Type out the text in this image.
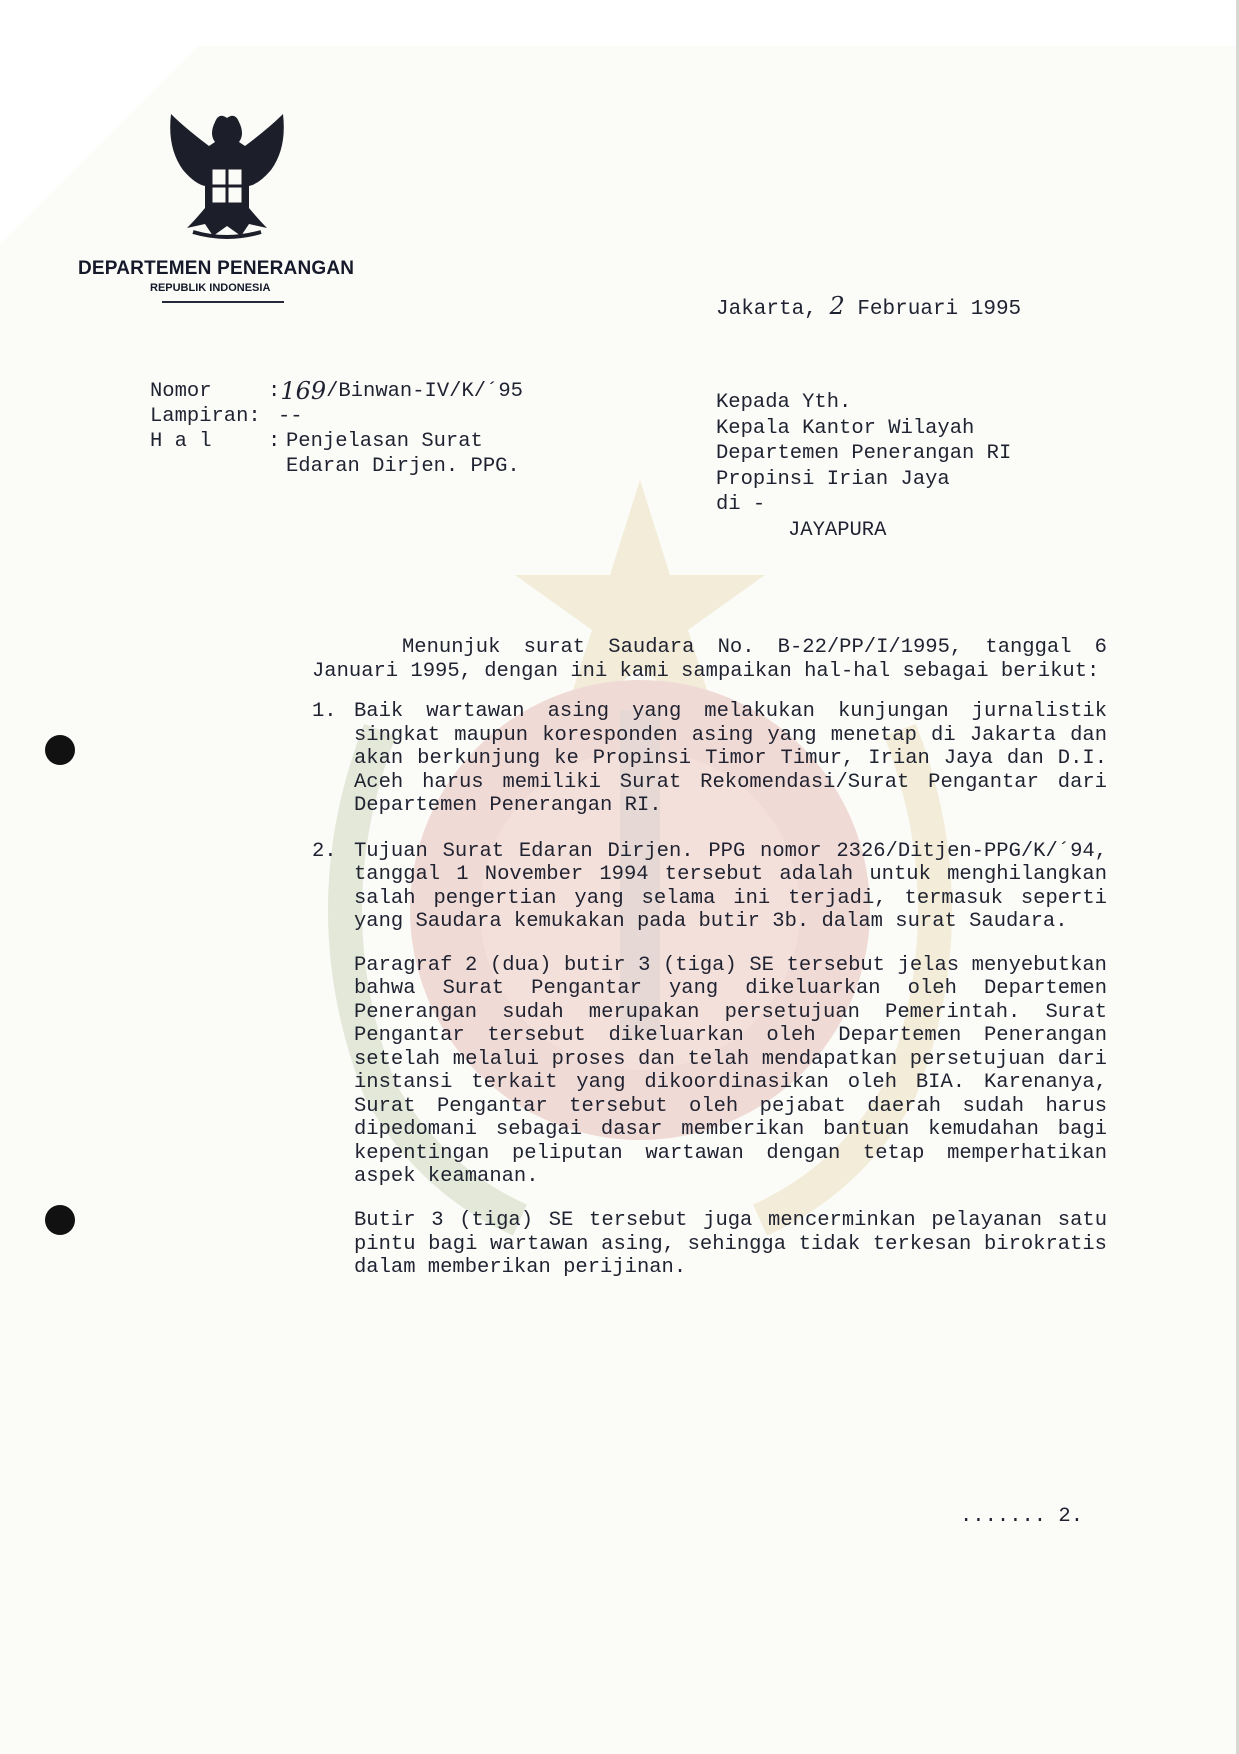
DEPARTEMEN PENERANGAN
REPUBLIK INDONESIA
Jakarta, 2 Februari 1995
Nomor	: 169 /Binwan-IV/K/´95
Lampiran: --
H a l	: Penjelasan Surat
Edaran Dirjen. PPG.
Kepada Yth.
Kepala Kantor Wilayah
Departemen Penerangan RI
Propinsi Irian Jaya
di -
JAYAPURA

Menunjuk surat Saudara No. B-22/PP/I/1995, tanggal 6 Januari 1995, dengan ini kami sampaikan hal-hal sebagai berikut:

1. Baik wartawan asing yang melakukan kunjungan jurnalistik singkat maupun koresponden asing yang menetap di Jakarta dan akan berkunjung ke Propinsi Timor Timur, Irian Jaya dan D.I. Aceh harus memiliki Surat Rekomendasi/Surat Pengantar dari Departemen Penerangan RI.
2. Tujuan Surat Edaran Dirjen. PPG nomor 2326/Ditjen-PPG/K/´94, tanggal 1 November 1994 tersebut adalah untuk menghilangkan salah pengertian yang selama ini terjadi, termasuk seperti yang Saudara kemukakan pada butir 3b. dalam surat Saudara.

Paragraf 2 (dua) butir 3 (tiga) SE tersebut jelas menyebutkan bahwa Surat Pengantar yang dikeluarkan oleh Departemen Penerangan sudah merupakan persetujuan Pemerintah. Surat Pengantar tersebut dikeluarkan oleh Departemen Penerangan setelah melalui proses dan telah mendapatkan persetujuan dari instansi terkait yang dikoordinasikan oleh BIA. Karenanya, Surat Pengantar tersebut oleh pejabat daerah sudah harus dipedomani sebagai dasar memberikan bantuan kemudahan bagi kepentingan peliputan wartawan dengan tetap memperhatikan aspek keamanan.

Butir 3 (tiga) SE tersebut juga mencerminkan pelayanan satu pintu bagi wartawan asing, sehingga tidak terkesan birokratis dalam memberikan perijinan.

....... 2.
